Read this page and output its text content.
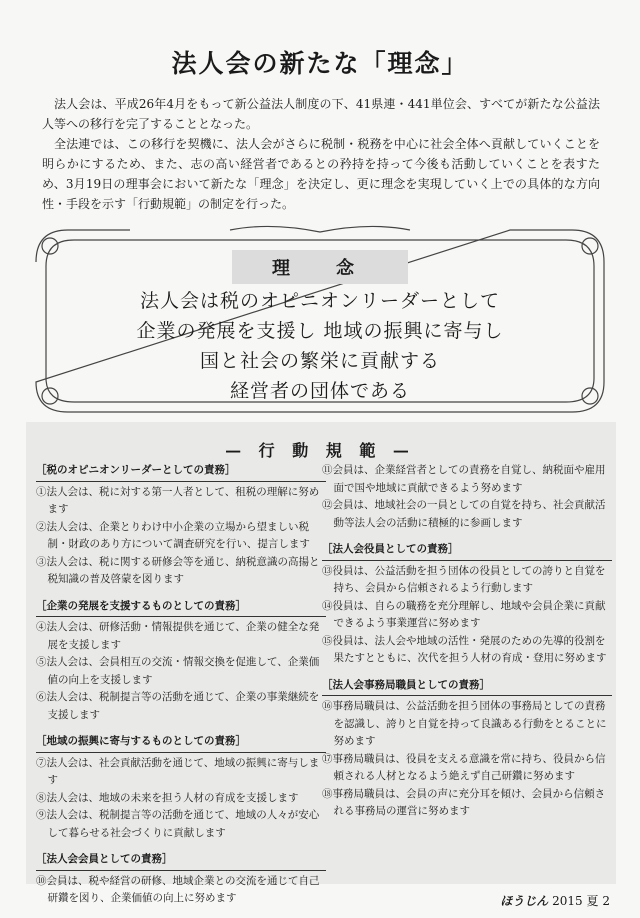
法人会の新たな「理念」

法人会は、平成26年4月をもって新公益法人制度の下、41県連・441単位会、すべてが新たな公益法人等への移行を完了することとなった。

全法連では、この移行を契機に、法人会がさらに税制・税務を中心に社会全体へ貢献していくことを明らかにするため、また、志の高い経営者であるとの矜持を持って今後も活動していくことを表すため、3月19日の理事会において新たな「理念」を決定し、更に理念を実現していく上での具体的な方向性・手段を示す「行動規範」の制定を行った。

理　念
法人会は税のオピニオンリーダーとして
企業の発展を支援し 地域の振興に寄与し
国と社会の繁栄に貢献する
経営者の団体である
— 行 動 規 範 —
［税のオピニオンリーダーとしての責務］
①法人会は、税に対する第一人者として、租税の理解に努めます
②法人会は、企業とりわけ中小企業の立場から望ましい税制・財政のあり方について調査研究を行い、提言します
③法人会は、税に関する研修会等を通じ、納税意識の高揚と税知識の普及啓蒙を図ります
［企業の発展を支援するものとしての責務］
④法人会は、研修活動・情報提供を通じて、企業の健全な発展を支援します
⑤法人会は、会員相互の交流・情報交換を促進して、企業価値の向上を支援します
⑥法人会は、税制提言等の活動を通じて、企業の事業継続を支援します
［地域の振興に寄与するものとしての責務］
⑦法人会は、社会貢献活動を通じて、地域の振興に寄与します
⑧法人会は、地域の未来を担う人材の育成を支援します
⑨法人会は、税制提言等の活動を通じて、地域の人々が安心して暮らせる社会づくりに貢献します
［法人会会員としての責務］
⑩会員は、税や経営の研修、地域企業との交流を通じて自己研鑽を図り、企業価値の向上に努めます
⑪会員は、企業経営者としての責務を自覚し、納税面や雇用面で国や地域に貢献できるよう努めます
⑫会員は、地域社会の一員としての自覚を持ち、社会貢献活動等法人会の活動に積極的に参画します
［法人会役員としての責務］
⑬役員は、公益活動を担う団体の役員としての誇りと自覚を持ち、会員から信頼されるよう行動します
⑭役員は、自らの職務を充分理解し、地域や会員企業に貢献できるよう事業運営に努めます
⑮役員は、法人会や地域の活性・発展のための先導的役割を果たすとともに、次代を担う人材の育成・登用に努めます
［法人会事務局職員としての責務］
⑯事務局職員は、公益活動を担う団体の事務局としての責務を認識し、誇りと自覚を持って良識ある行動をとることに努めます
⑰事務局職員は、役員を支える意識を常に持ち、役員から信頼される人材となるよう絶えず自己研鑽に努めます
⑱事務局職員は、会員の声に充分耳を傾け、会員から信頼される事務局の運営に努めます
ほうじん 2015 夏 2
